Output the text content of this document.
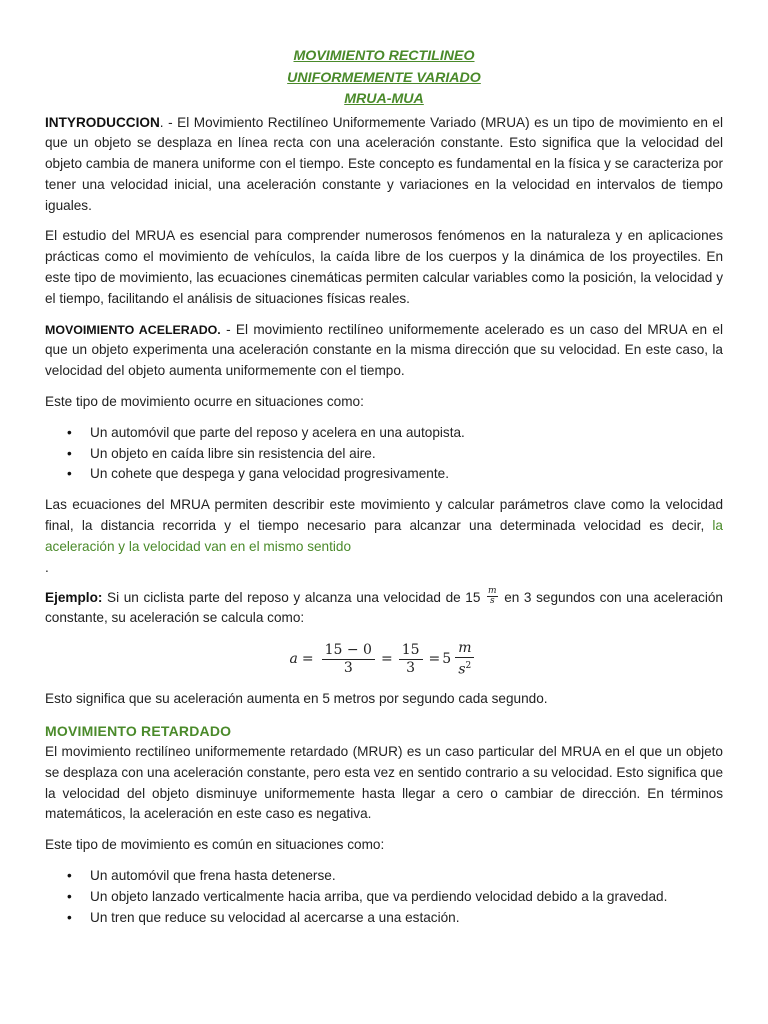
MOVIMIENTO RECTILINEO

UNIFORMEMENTE VARIADO

MRUA-MUA

INTYRODUCCION. - El Movimiento Rectilíneo Uniformemente Variado (MRUA) es un tipo de movimiento en el que un objeto se desplaza en línea recta con una aceleración constante. Esto significa que la velocidad del objeto cambia de manera uniforme con el tiempo. Este concepto es fundamental en la física y se caracteriza por tener una velocidad inicial, una aceleración constante y variaciones en la velocidad en intervalos de tiempo iguales.

El estudio del MRUA es esencial para comprender numerosos fenómenos en la naturaleza y en aplicaciones prácticas como el movimiento de vehículos, la caída libre de los cuerpos y la dinámica de los proyectiles. En este tipo de movimiento, las ecuaciones cinemáticas permiten calcular variables como la posición, la velocidad y el tiempo, facilitando el análisis de situaciones físicas reales.

MOVOIMIENTO ACELERADO. - El movimiento rectilíneo uniformemente acelerado es un caso del MRUA en el que un objeto experimenta una aceleración constante en la misma dirección que su velocidad. En este caso, la velocidad del objeto aumenta uniformemente con el tiempo.

Este tipo de movimiento ocurre en situaciones como:

• Un automóvil que parte del reposo y acelera en una autopista.
• Un objeto en caída libre sin resistencia del aire.
• Un cohete que despega y gana velocidad progresivamente.

Las ecuaciones del MRUA permiten describir este movimiento y calcular parámetros clave como la velocidad final, la distancia recorrida y el tiempo necesario para alcanzar una determinada velocidad es decir, la aceleración y la velocidad van en el mismo sentido

.

Ejemplo: Si un ciclista parte del reposo y alcanza una velocidad de $15 \frac{m}{s}$ en 3 segundos con una aceleración constante, su aceleración se calcula como:

$a = \frac{15 - 0}{3} = \frac{15}{3} = 5 \frac{m}{s^2}$

Esto significa que su aceleración aumenta en 5 metros por segundo cada segundo.

MOVIMIENTO RETARDADO

El movimiento rectilíneo uniformemente retardado (MRUR) es un caso particular del MRUA en el que un objeto se desplaza con una aceleración constante, pero esta vez en sentido contrario a su velocidad. Esto significa que la velocidad del objeto disminuye uniformemente hasta llegar a cero o cambiar de dirección. En términos matemáticos, la aceleración en este caso es negativa.

Este tipo de movimiento es común en situaciones como:

• Un automóvil que frena hasta detenerse.
• Un objeto lanzado verticalmente hacia arriba, que va perdiendo velocidad debido a la gravedad.
• Un tren que reduce su velocidad al acercarse a una estación.
